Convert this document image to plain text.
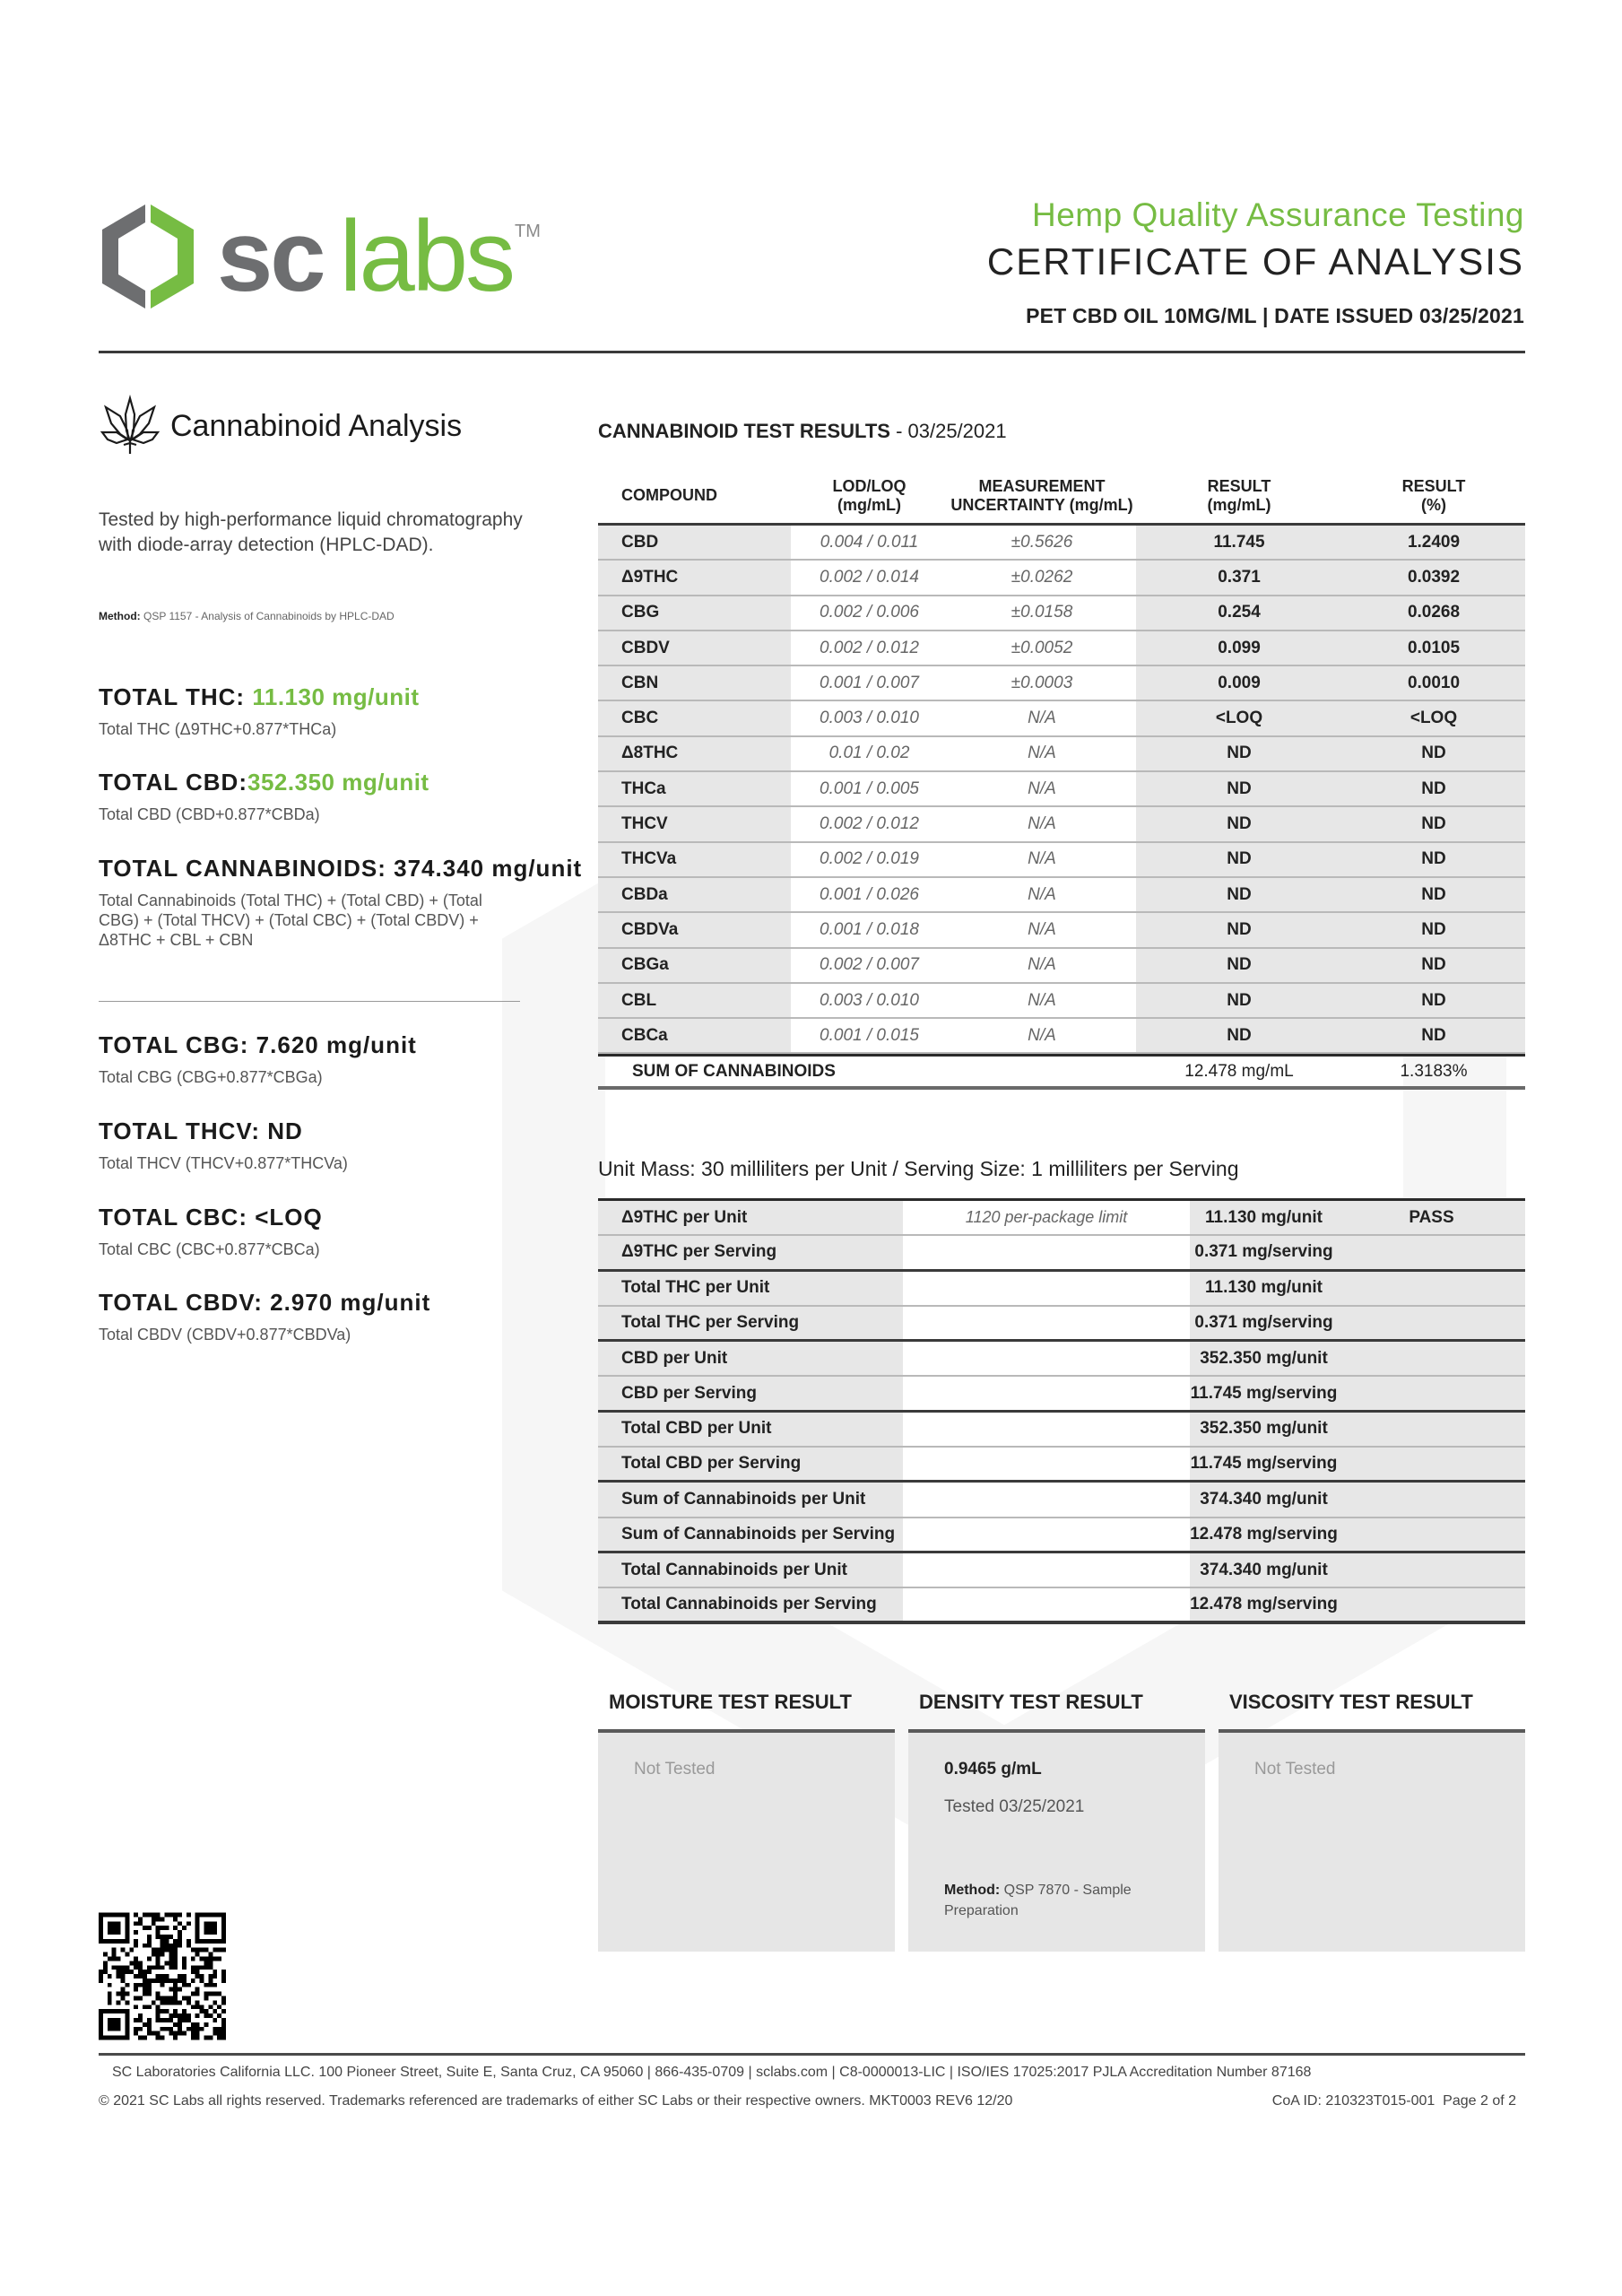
sc labs TM	Hemp Quality Assurance Testing
CERTIFICATE OF ANALYSIS
PET CBD OIL 10MG/ML | DATE ISSUED 03/25/2021
Cannabinoid Analysis
Tested by high-performance liquid chromatography with diode-array detection (HPLC-DAD).
Method: QSP 1157 - Analysis of Cannabinoids by HPLC-DAD
TOTAL THC: 11.130 mg/unit
Total THC (Δ9THC+0.877*THCa)
TOTAL CBD:352.350 mg/unit
Total CBD (CBD+0.877*CBDa)
TOTAL CANNABINOIDS: 374.340 mg/unit
Total Cannabinoids (Total THC) + (Total CBD) + (Total CBG) + (Total THCV) + (Total CBC) + (Total CBDV) + Δ8THC + CBL + CBN
TOTAL CBG: 7.620 mg/unit
Total CBG (CBG+0.877*CBGa)
TOTAL THCV: ND
Total THCV (THCV+0.877*THCVa)
TOTAL CBC: <LOQ
Total CBC (CBC+0.877*CBCa)
TOTAL CBDV: 2.970 mg/unit
Total CBDV (CBDV+0.877*CBDVa)
CANNABINOID TEST RESULTS - 03/25/2021
COMPOUND
LOD/LOQ
(mg/mL)
MEASUREMENT
UNCERTAINTY (mg/mL)
RESULT
(mg/mL)
RESULT
(%)
CBD	0.004 / 0.011	±0.5626	11.745	1.2409
Δ9THC	0.002 / 0.014	±0.0262	0.371	0.0392
CBG	0.002 / 0.006	±0.0158	0.254	0.0268
CBDV	0.002 / 0.012	±0.0052	0.099	0.0105
CBN	0.001 / 0.007	±0.0003	0.009	0.0010
CBC	0.003 / 0.010	N/A	<LOQ	<LOQ
Δ8THC	0.01 / 0.02	N/A	ND	ND
THCa	0.001 / 0.005	N/A	ND	ND
THCV	0.002 / 0.012	N/A	ND	ND
THCVa	0.002 / 0.019	N/A	ND	ND
CBDa	0.001 / 0.026	N/A	ND	ND
CBDVa	0.001 / 0.018	N/A	ND	ND
CBGa	0.002 / 0.007	N/A	ND	ND
CBL	0.003 / 0.010	N/A	ND	ND
CBCa	0.001 / 0.015	N/A	ND	ND
SUM OF CANNABINOIDS	12.478 mg/mL	1.3183%
Unit Mass: 30 milliliters per Unit / Serving Size: 1 milliliters per Serving
Δ9THC per Unit	1120 per-package limit	11.130 mg/unit	PASS
Δ9THC per Serving	0.371 mg/serving
Total THC per Unit	11.130 mg/unit
Total THC per Serving	0.371 mg/serving
CBD per Unit	352.350 mg/unit
CBD per Serving	11.745 mg/serving
Total CBD per Unit	352.350 mg/unit
Total CBD per Serving	11.745 mg/serving
Sum of Cannabinoids per Unit	374.340 mg/unit
Sum of Cannabinoids per Serving	12.478 mg/serving
Total Cannabinoids per Unit	374.340 mg/unit
Total Cannabinoids per Serving	12.478 mg/serving
MOISTURE TEST RESULT
Not Tested
DENSITY TEST RESULT
0.9465 g/mL
Tested 03/25/2021
Method: QSP 7870 - Sample Preparation
VISCOSITY TEST RESULT
Not Tested
SC Laboratories California LLC. 100 Pioneer Street, Suite E, Santa Cruz, CA 95060 | 866-435-0709 | sclabs.com | C8-0000013-LIC | ISO/IES 17025:2017 PJLA Accreditation Number 87168
© 2021 SC Labs all rights reserved. Trademarks referenced are trademarks of either SC Labs or their respective owners. MKT0003 REV6 12/20	CoA ID: 210323T015-001 Page 2 of 2
